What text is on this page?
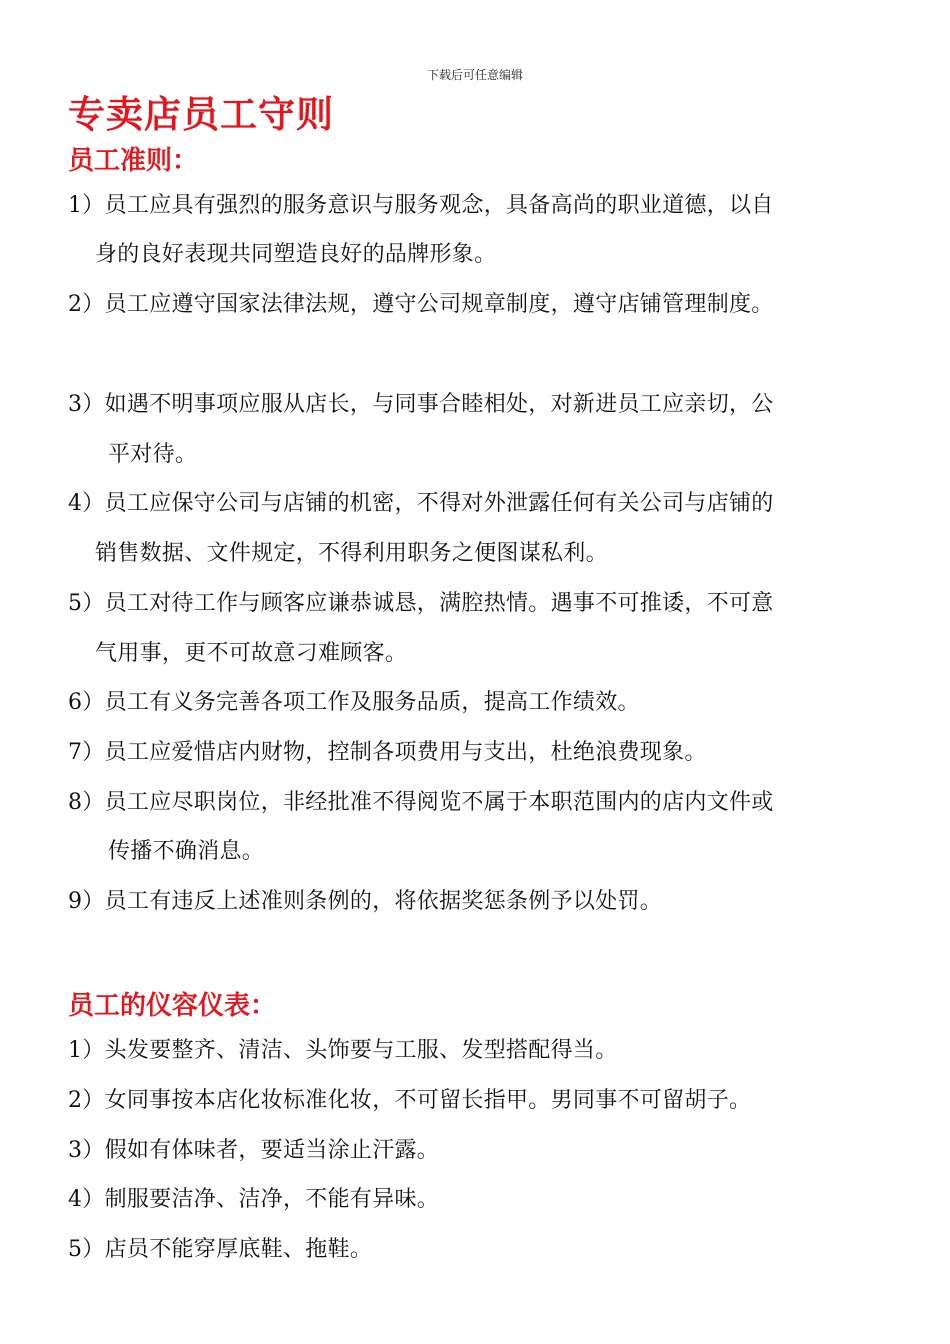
下载后可任意编辑
专卖店员工守则
员工准则：
1）员工应具有强烈的服务意识与服务观念，具备高尚的职业道德，以自
身的良好表现共同塑造良好的品牌形象。
2）员工应遵守国家法律法规，遵守公司规章制度，遵守店铺管理制度。
3）如遇不明事项应服从店长，与同事合睦相处，对新进员工应亲切，公
平对待。
4）员工应保守公司与店铺的机密，不得对外泄露任何有关公司与店铺的
销售数据、文件规定，不得利用职务之便图谋私利。
5）员工对待工作与顾客应谦恭诚恳，满腔热情。遇事不可推诿，不可意
气用事，更不可故意刁难顾客。
6）员工有义务完善各项工作及服务品质，提高工作绩效。
7）员工应爱惜店内财物，控制各项费用与支出，杜绝浪费现象。
8）员工应尽职岗位，非经批准不得阅览不属于本职范围内的店内文件或
传播不确消息。
9）员工有违反上述准则条例的，将依据奖惩条例予以处罚。
员工的仪容仪表：
1）头发要整齐、清洁、头饰要与工服、发型搭配得当。
2）女同事按本店化妆标准化妆，不可留长指甲。男同事不可留胡子。
3）假如有体味者，要适当涂止汗露。
4）制服要洁净、洁净，不能有异味。
5）店员不能穿厚底鞋、拖鞋。
